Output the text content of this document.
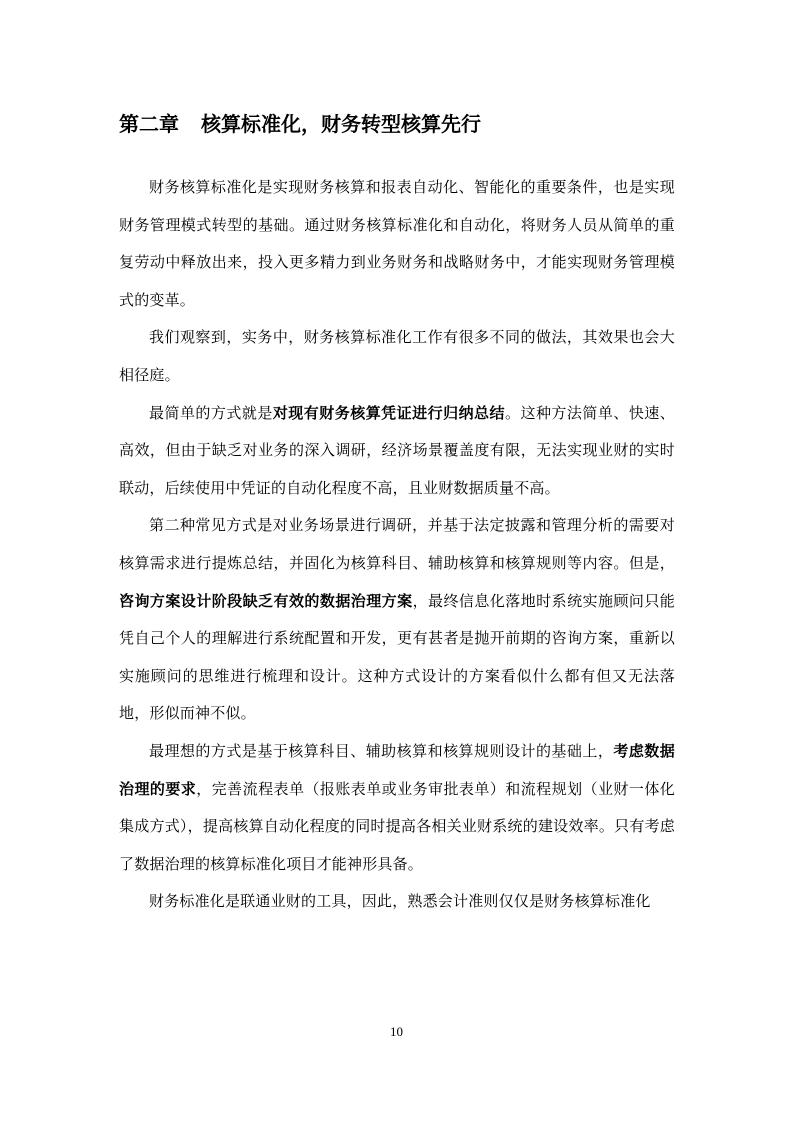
第二章 核算标准化，财务转型核算先行

财务核算标准化是实现财务核算和报表自动化、智能化的重要条件，也是实现财务管理模式转型的基础。通过财务核算标准化和自动化，将财务人员从简单的重复劳动中释放出来，投入更多精力到业务财务和战略财务中，才能实现财务管理模式的变革。

我们观察到，实务中，财务核算标准化工作有很多不同的做法，其效果也会大相径庭。

最简单的方式就是对现有财务核算凭证进行归纳总结。这种方法简单、快速、高效，但由于缺乏对业务的深入调研，经济场景覆盖度有限，无法实现业财的实时联动，后续使用中凭证的自动化程度不高，且业财数据质量不高。

第二种常见方式是对业务场景进行调研，并基于法定披露和管理分析的需要对核算需求进行提炼总结，并固化为核算科目、辅助核算和核算规则等内容。但是，咨询方案设计阶段缺乏有效的数据治理方案，最终信息化落地时系统实施顾问只能凭自己个人的理解进行系统配置和开发，更有甚者是抛开前期的咨询方案，重新以实施顾问的思维进行梳理和设计。这种方式设计的方案看似什么都有但又无法落地，形似而神不似。

最理想的方式是基于核算科目、辅助核算和核算规则设计的基础上，考虑数据治理的要求，完善流程表单（报账表单或业务审批表单）和流程规划（业财一体化集成方式），提高核算自动化程度的同时提高各相关业财系统的建设效率。只有考虑了数据治理的核算标准化项目才能神形具备。

财务标准化是联通业财的工具，因此，熟悉会计准则仅仅是财务核算标准化

10
